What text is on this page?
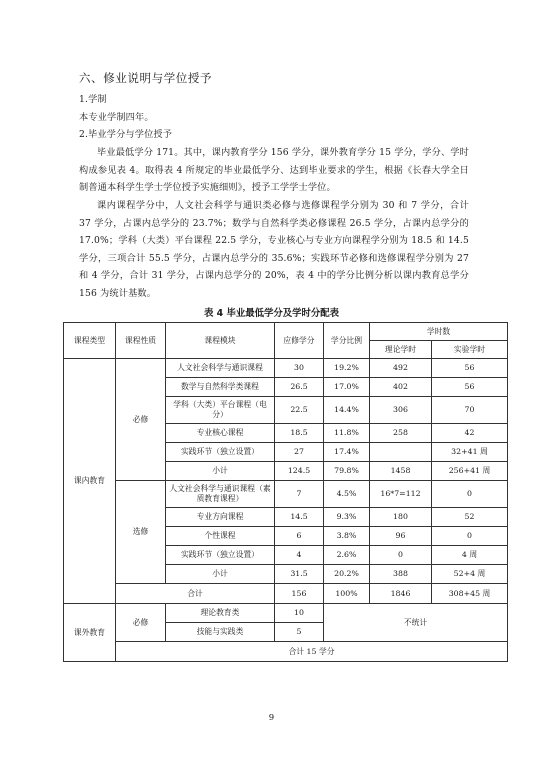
六、修业说明与学位授予
1.学制
本专业学制四年。
2.毕业学分与学位授予
毕业最低学分 171。其中，课内教育学分 156 学分，课外教育学分 15 学分，学分、学时构成参见表 4。取得表 4 所规定的毕业最低学分、达到毕业要求的学生，根据《长春大学全日制普通本科学生学士学位授予实施细则》，授予工学学士学位。
课内课程学分中，人文社会科学与通识类必修与选修课程学分别为 30 和 7 学分，合计 37 学分，占课内总学分的 23.7%；数学与自然科学类必修课程 26.5 学分，占课内总学分的 17.0%；学科（大类）平台课程 22.5 学分，专业核心与专业方向课程学分别为 18.5 和 14.5 学分，三项合计 55.5 学分，占课内总学分的 35.6%；实践环节必修和选修课程学分别为 27 和 4 学分，合计 31 学分，占课内总学分的 20%，表 4 中的学分比例分析以课内教育总学分 156 为统计基数。
表 4 毕业最低学分及学时分配表
课程类型	课程性质	课程模块	应修学分	学分比例	学时数	
					理论学时	实验学时
课内教育	必修	人文社会科学与通识课程	30	19.2%	492	56
		数学与自然科学类课程	26.5	17.0%	402	56
		学科（大类）平台课程（电分）	22.5	14.4%	306	70
		专业核心课程	18.5	11.8%	258	42
		实践环节（独立设置）	27	17.4%		32+41 周
		小计	124.5	79.8%	1458	256+41 周
	选修	人文社会科学与通识课程（素质教育课程）	7	4.5%	16*7=112	0
		专业方向课程	14.5	9.3%	180	52
		个性课程	6	3.8%	96	0
		实践环节（独立设置）	4	2.6%	0	4 周
		小计	31.5	20.2%	388	52+4 周
	合计		156	100%	1846	308+45 周
课外教育	必修	理论教育类	10	不统计		
		技能与实践类	5			
	合计 15 学分					
9
